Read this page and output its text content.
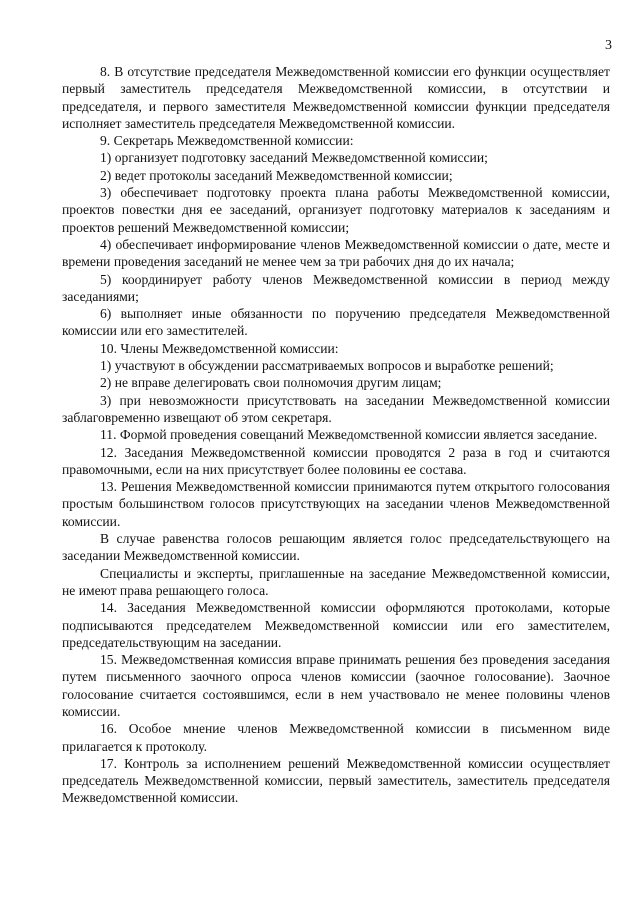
3

8. В отсутствие председателя Межведомственной комиссии его функции осуществляет первый заместитель председателя Межведомственной комиссии, в отсутствии и председателя, и первого заместителя Межведомственной комиссии функции председателя исполняет заместитель председателя Межведомственной комиссии.

9. Секретарь Межведомственной комиссии:

1) организует подготовку заседаний Межведомственной комиссии;

2) ведет протоколы заседаний Межведомственной комиссии;

3) обеспечивает подготовку проекта плана работы Межведомственной комиссии, проектов повестки дня ее заседаний, организует подготовку материалов к заседаниям и проектов решений Межведомственной комиссии;

4) обеспечивает информирование членов Межведомственной комиссии о дате, месте и времени проведения заседаний не менее чем за три рабочих дня до их начала;

5) координирует работу членов Межведомственной комиссии в период между заседаниями;

6) выполняет иные обязанности по поручению председателя Межведомственной комиссии или его заместителей.

10. Члены Межведомственной комиссии:

1) участвуют в обсуждении рассматриваемых вопросов и выработке решений;

2) не вправе делегировать свои полномочия другим лицам;

3) при невозможности присутствовать на заседании Межведомственной комиссии заблаговременно извещают об этом секретаря.

11. Формой проведения совещаний Межведомственной комиссии является заседание.

12. Заседания Межведомственной комиссии проводятся 2 раза в год и считаются правомочными, если на них присутствует более половины ее состава.

13. Решения Межведомственной комиссии принимаются путем открытого голосования простым большинством голосов присутствующих на заседании членов Межведомственной комиссии.

В случае равенства голосов решающим является голос председательствующего на заседании Межведомственной комиссии.

Специалисты и эксперты, приглашенные на заседание Межведомственной комиссии, не имеют права решающего голоса.

14. Заседания Межведомственной комиссии оформляются протоколами, которые подписываются председателем Межведомственной комиссии или его заместителем, председательствующим на заседании.

15. Межведомственная комиссия вправе принимать решения без проведения заседания путем письменного заочного опроса членов комиссии (заочное голосование). Заочное голосование считается состоявшимся, если в нем участвовало не менее половины членов комиссии.

16. Особое мнение членов Межведомственной комиссии в письменном виде прилагается к протоколу.

17. Контроль за исполнением решений Межведомственной комиссии осуществляет председатель Межведомственной комиссии, первый заместитель, заместитель председателя Межведомственной комиссии.
